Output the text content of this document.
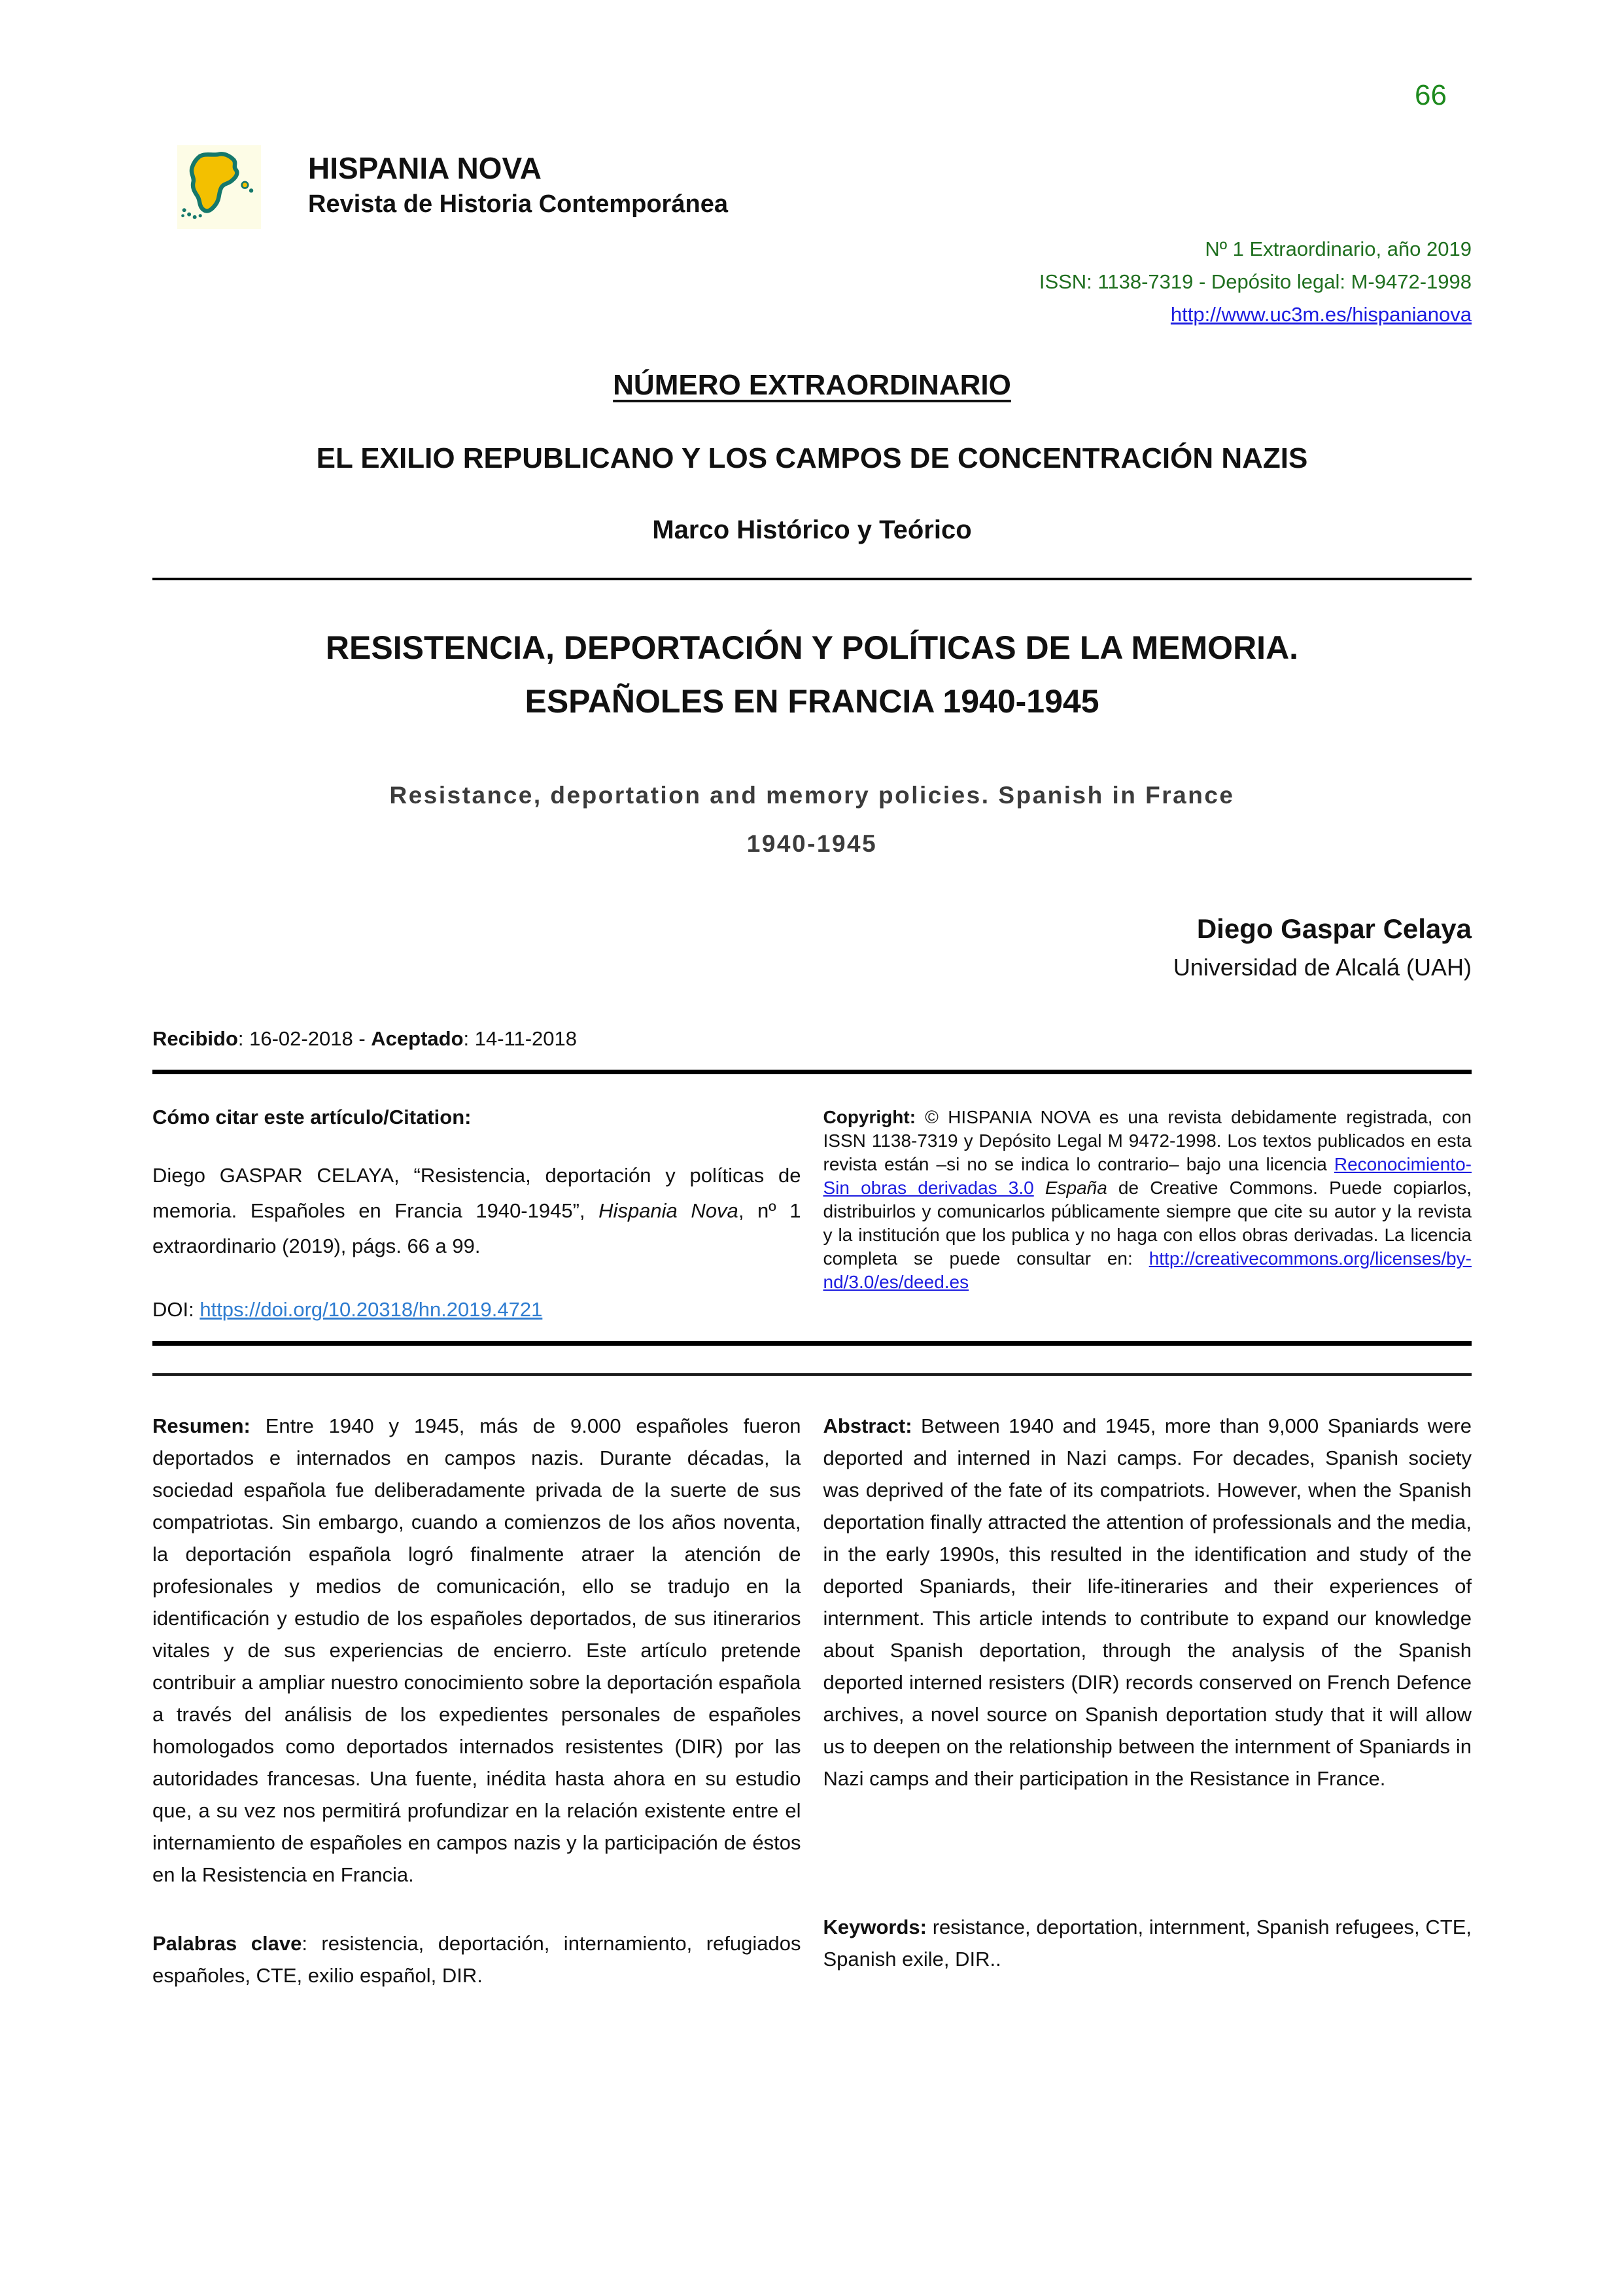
66
HISPANIA NOVA
Revista de Historia Contemporánea
Nº 1 Extraordinario, año 2019
ISSN: 1138-7319 - Depósito legal: M-9472-1998
http://www.uc3m.es/hispanianova
NÚMERO EXTRAORDINARIO
EL EXILIO REPUBLICANO Y LOS CAMPOS DE CONCENTRACIÓN NAZIS
Marco Histórico y Teórico
RESISTENCIA, DEPORTACIÓN Y POLÍTICAS DE LA MEMORIA.
ESPAÑOLES EN FRANCIA 1940-1945
Resistance, deportation and memory policies. Spanish in France
1940-1945
Diego Gaspar Celaya
Universidad de Alcalá (UAH)
Recibido: 16-02-2018 - Aceptado: 14-11-2018
Cómo citar este artículo/Citation:
Diego GASPAR CELAYA, “Resistencia, deportación y políticas de memoria. Españoles en Francia 1940-1945”, Hispania Nova, nº 1 extraordinario (2019), págs. 66 a 99.
DOI: https://doi.org/10.20318/hn.2019.4721
Copyright: © HISPANIA NOVA es una revista debidamente registrada, con ISSN 1138-7319 y Depósito Legal M 9472-1998. Los textos publicados en esta revista están –si no se indica lo contrario– bajo una licencia Reconocimiento-Sin obras derivadas 3.0 España de Creative Commons. Puede copiarlos, distribuirlos y comunicarlos públicamente siempre que cite su autor y la revista y la institución que los publica y no haga con ellos obras derivadas. La licencia completa se puede consultar en: http://creativecommons.org/licenses/by-nd/3.0/es/deed.es
Resumen: Entre 1940 y 1945, más de 9.000 españoles fueron deportados e internados en campos nazis. Durante décadas, la sociedad española fue deliberadamente privada de la suerte de sus compatriotas. Sin embargo, cuando a comienzos de los años noventa, la deportación española logró finalmente atraer la atención de profesionales y medios de comunicación, ello se tradujo en la identificación y estudio de los españoles deportados, de sus itinerarios vitales y de sus experiencias de encierro. Este artículo pretende contribuir a ampliar nuestro conocimiento sobre la deportación española a través del análisis de los expedientes personales de españoles homologados como deportados internados resistentes (DIR) por las autoridades francesas. Una fuente, inédita hasta ahora en su estudio que, a su vez nos permitirá profundizar en la relación existente entre el internamiento de españoles en campos nazis y la participación de éstos en la Resistencia en Francia.
Palabras clave: resistencia, deportación, internamiento, refugiados españoles, CTE, exilio español, DIR.
Abstract: Between 1940 and 1945, more than 9,000 Spaniards were deported and interned in Nazi camps. For decades, Spanish society was deprived of the fate of its compatriots. However, when the Spanish deportation finally attracted the attention of professionals and the media, in the early 1990s, this resulted in the identification and study of the deported Spaniards, their life-itineraries and their experiences of internment. This article intends to contribute to expand our knowledge about Spanish deportation, through the analysis of the Spanish deported interned resisters (DIR) records conserved on French Defence archives, a novel source on Spanish deportation study that it will allow us to deepen on the relationship between the internment of Spaniards in Nazi camps and their participation in the Resistance in France.
Keywords: resistance, deportation, internment, Spanish refugees, CTE, Spanish exile, DIR..
